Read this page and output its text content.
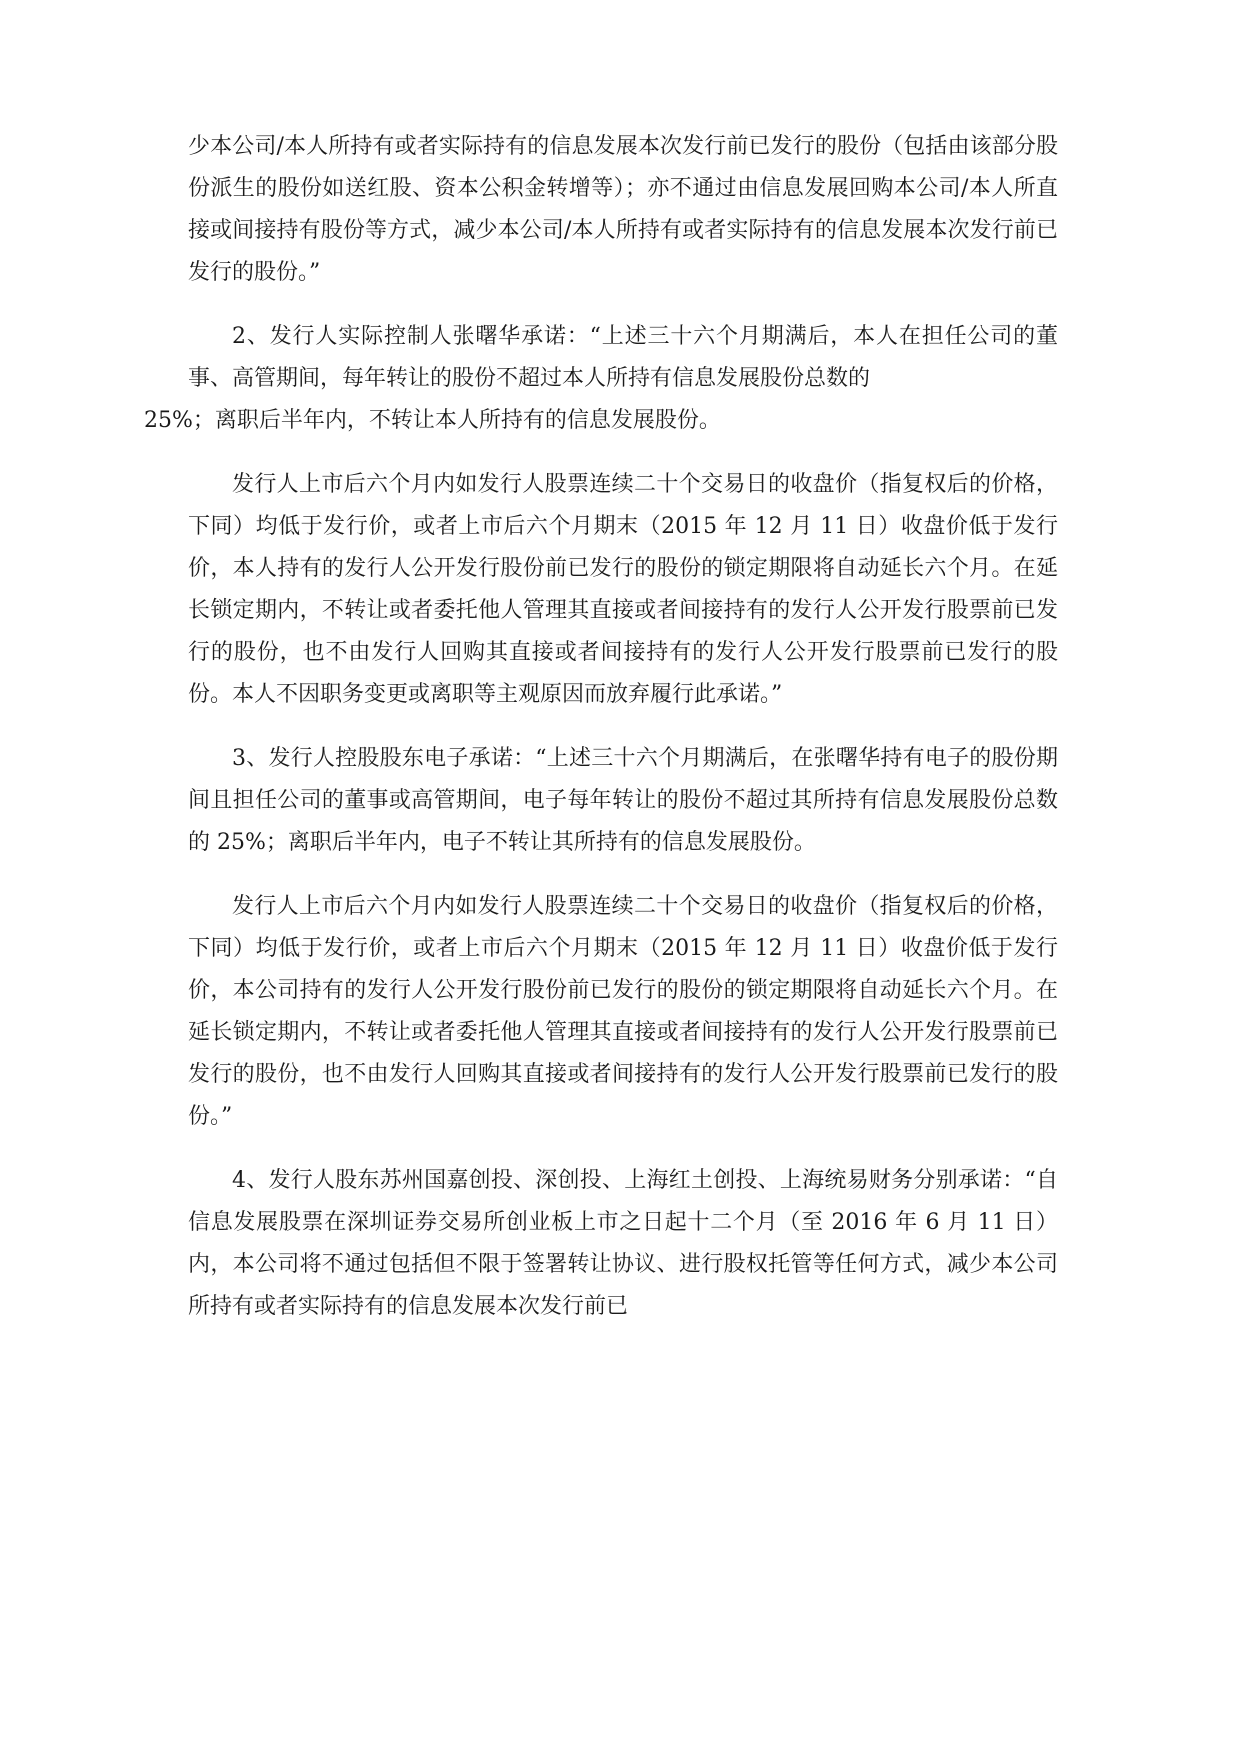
少本公司/本人所持有或者实际持有的信息发展本次发行前已发行的股份（包括由该部分股份派生的股份如送红股、资本公积金转增等）；亦不通过由信息发展回购本公司/本人所直接或间接持有股份等方式，减少本公司/本人所持有或者实际持有的信息发展本次发行前已发行的股份。”

2、发行人实际控制人张曙华承诺：“上述三十六个月期满后，本人在担任公司的董事、高管期间，每年转让的股份不超过本人所持有信息发展股份总数的
25%；离职后半年内，不转让本人所持有的信息发展股份。

发行人上市后六个月内如发行人股票连续二十个交易日的收盘价（指复权后的价格，下同）均低于发行价，或者上市后六个月期末（2015 年 12 月 11 日）收盘价低于发行价，本人持有的发行人公开发行股份前已发行的股份的锁定期限将自动延长六个月。在延长锁定期内，不转让或者委托他人管理其直接或者间接持有的发行人公开发行股票前已发行的股份，也不由发行人回购其直接或者间接持有的发行人公开发行股票前已发行的股份。本人不因职务变更或离职等主观原因而放弃履行此承诺。”

3、发行人控股股东电子承诺：“上述三十六个月期满后，在张曙华持有电子的股份期间且担任公司的董事或高管期间，电子每年转让的股份不超过其所持有信息发展股份总数的 25%；离职后半年内，电子不转让其所持有的信息发展股份。

发行人上市后六个月内如发行人股票连续二十个交易日的收盘价（指复权后的价格，下同）均低于发行价，或者上市后六个月期末（2015 年 12 月 11 日）收盘价低于发行价，本公司持有的发行人公开发行股份前已发行的股份的锁定期限将自动延长六个月。在延长锁定期内，不转让或者委托他人管理其直接或者间接持有的发行人公开发行股票前已发行的股份，也不由发行人回购其直接或者间接持有的发行人公开发行股票前已发行的股份。”

4、发行人股东苏州国嘉创投、深创投、上海红土创投、上海统易财务分别承诺：“自信息发展股票在深圳证券交易所创业板上市之日起十二个月（至 2016 年 6 月 11 日）内，本公司将不通过包括但不限于签署转让协议、进行股权托管等任何方式，减少本公司所持有或者实际持有的信息发展本次发行前已
